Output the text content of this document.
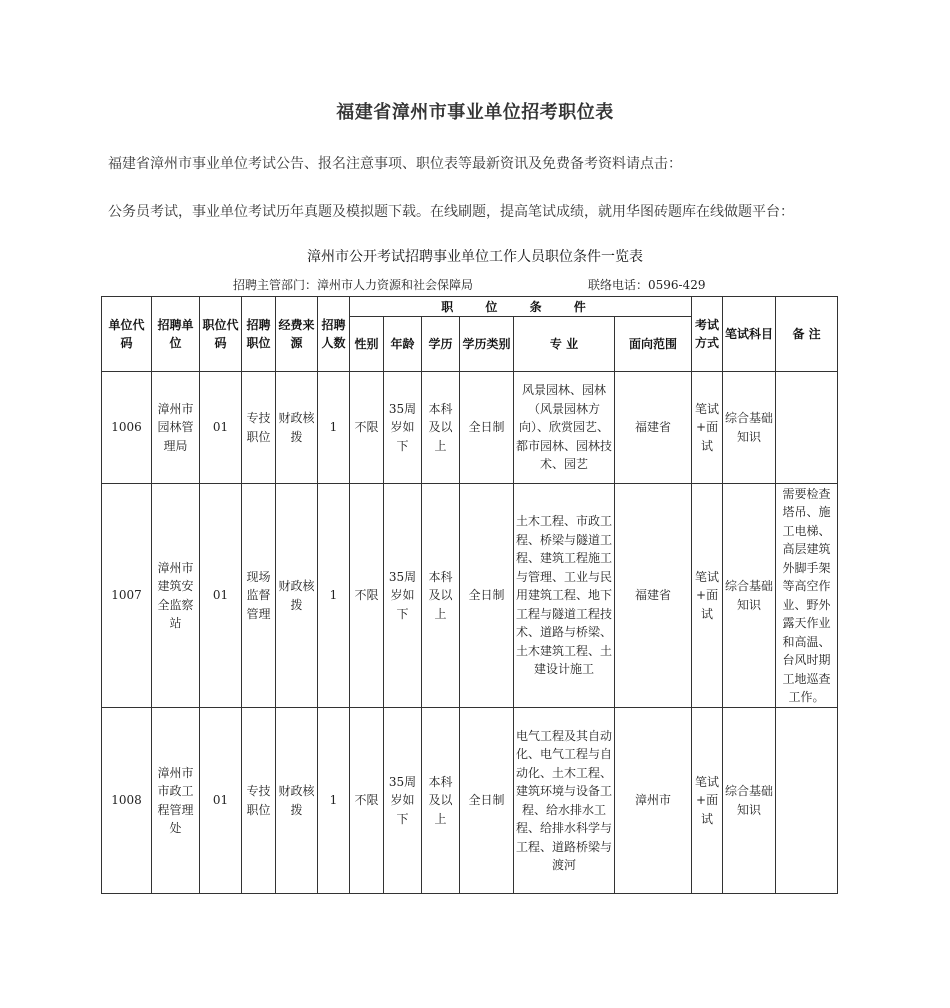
福建省漳州市事业单位招考职位表
福建省漳州市事业单位考试公告、报名注意事项、职位表等最新资讯及免费备考资料请点击：
公务员考试，事业单位考试历年真题及模拟题下载。在线刷题，提高笔试成绩，就用华图砖题库在线做题平台：
漳州市公开考试招聘事业单位工作人员职位条件一览表
招聘主管部门：漳州市人力资源和社会保障局	联络电话：0596-429
单位代码	招聘单位	职位代码	招聘职位	经费来源	招聘人数	职 位 条 件						考试方式	笔试科目	备 注
						性别	年龄	学历	学历类别	专 业	面向范围			
1006	漳州市园林管理局	01	专技职位	财政核拨	1	不限	35周岁如下	本科及以上	全日制	风景园林、园林（风景园林方向）、欣赏园艺、都市园林、园林技术、园艺	福建省	笔试+面试	综合基础知识	
1007	漳州市建筑安全监察站	01	现场监督管理	财政核拨	1	不限	35周岁如下	本科及以上	全日制	土木工程、市政工程、桥梁与隧道工程、建筑工程施工与管理、工业与民用建筑工程、地下工程与隧道工程技术、道路与桥梁、土木建筑工程、土建设计施工	福建省	笔试+面试	综合基础知识	需要检查塔吊、施工电梯、高层建筑外脚手架等高空作业、野外露天作业和高温、台风时期工地巡查工作。
1008	漳州市市政工程管理处	01	专技职位	财政核拨	1	不限	35周岁如下	本科及以上	全日制	电气工程及其自动化、电气工程与自动化、土木工程、建筑环境与设备工程、给水排水工程、给排水科学与工程、道路桥梁与渡河	漳州市	笔试+面试	综合基础知识	
